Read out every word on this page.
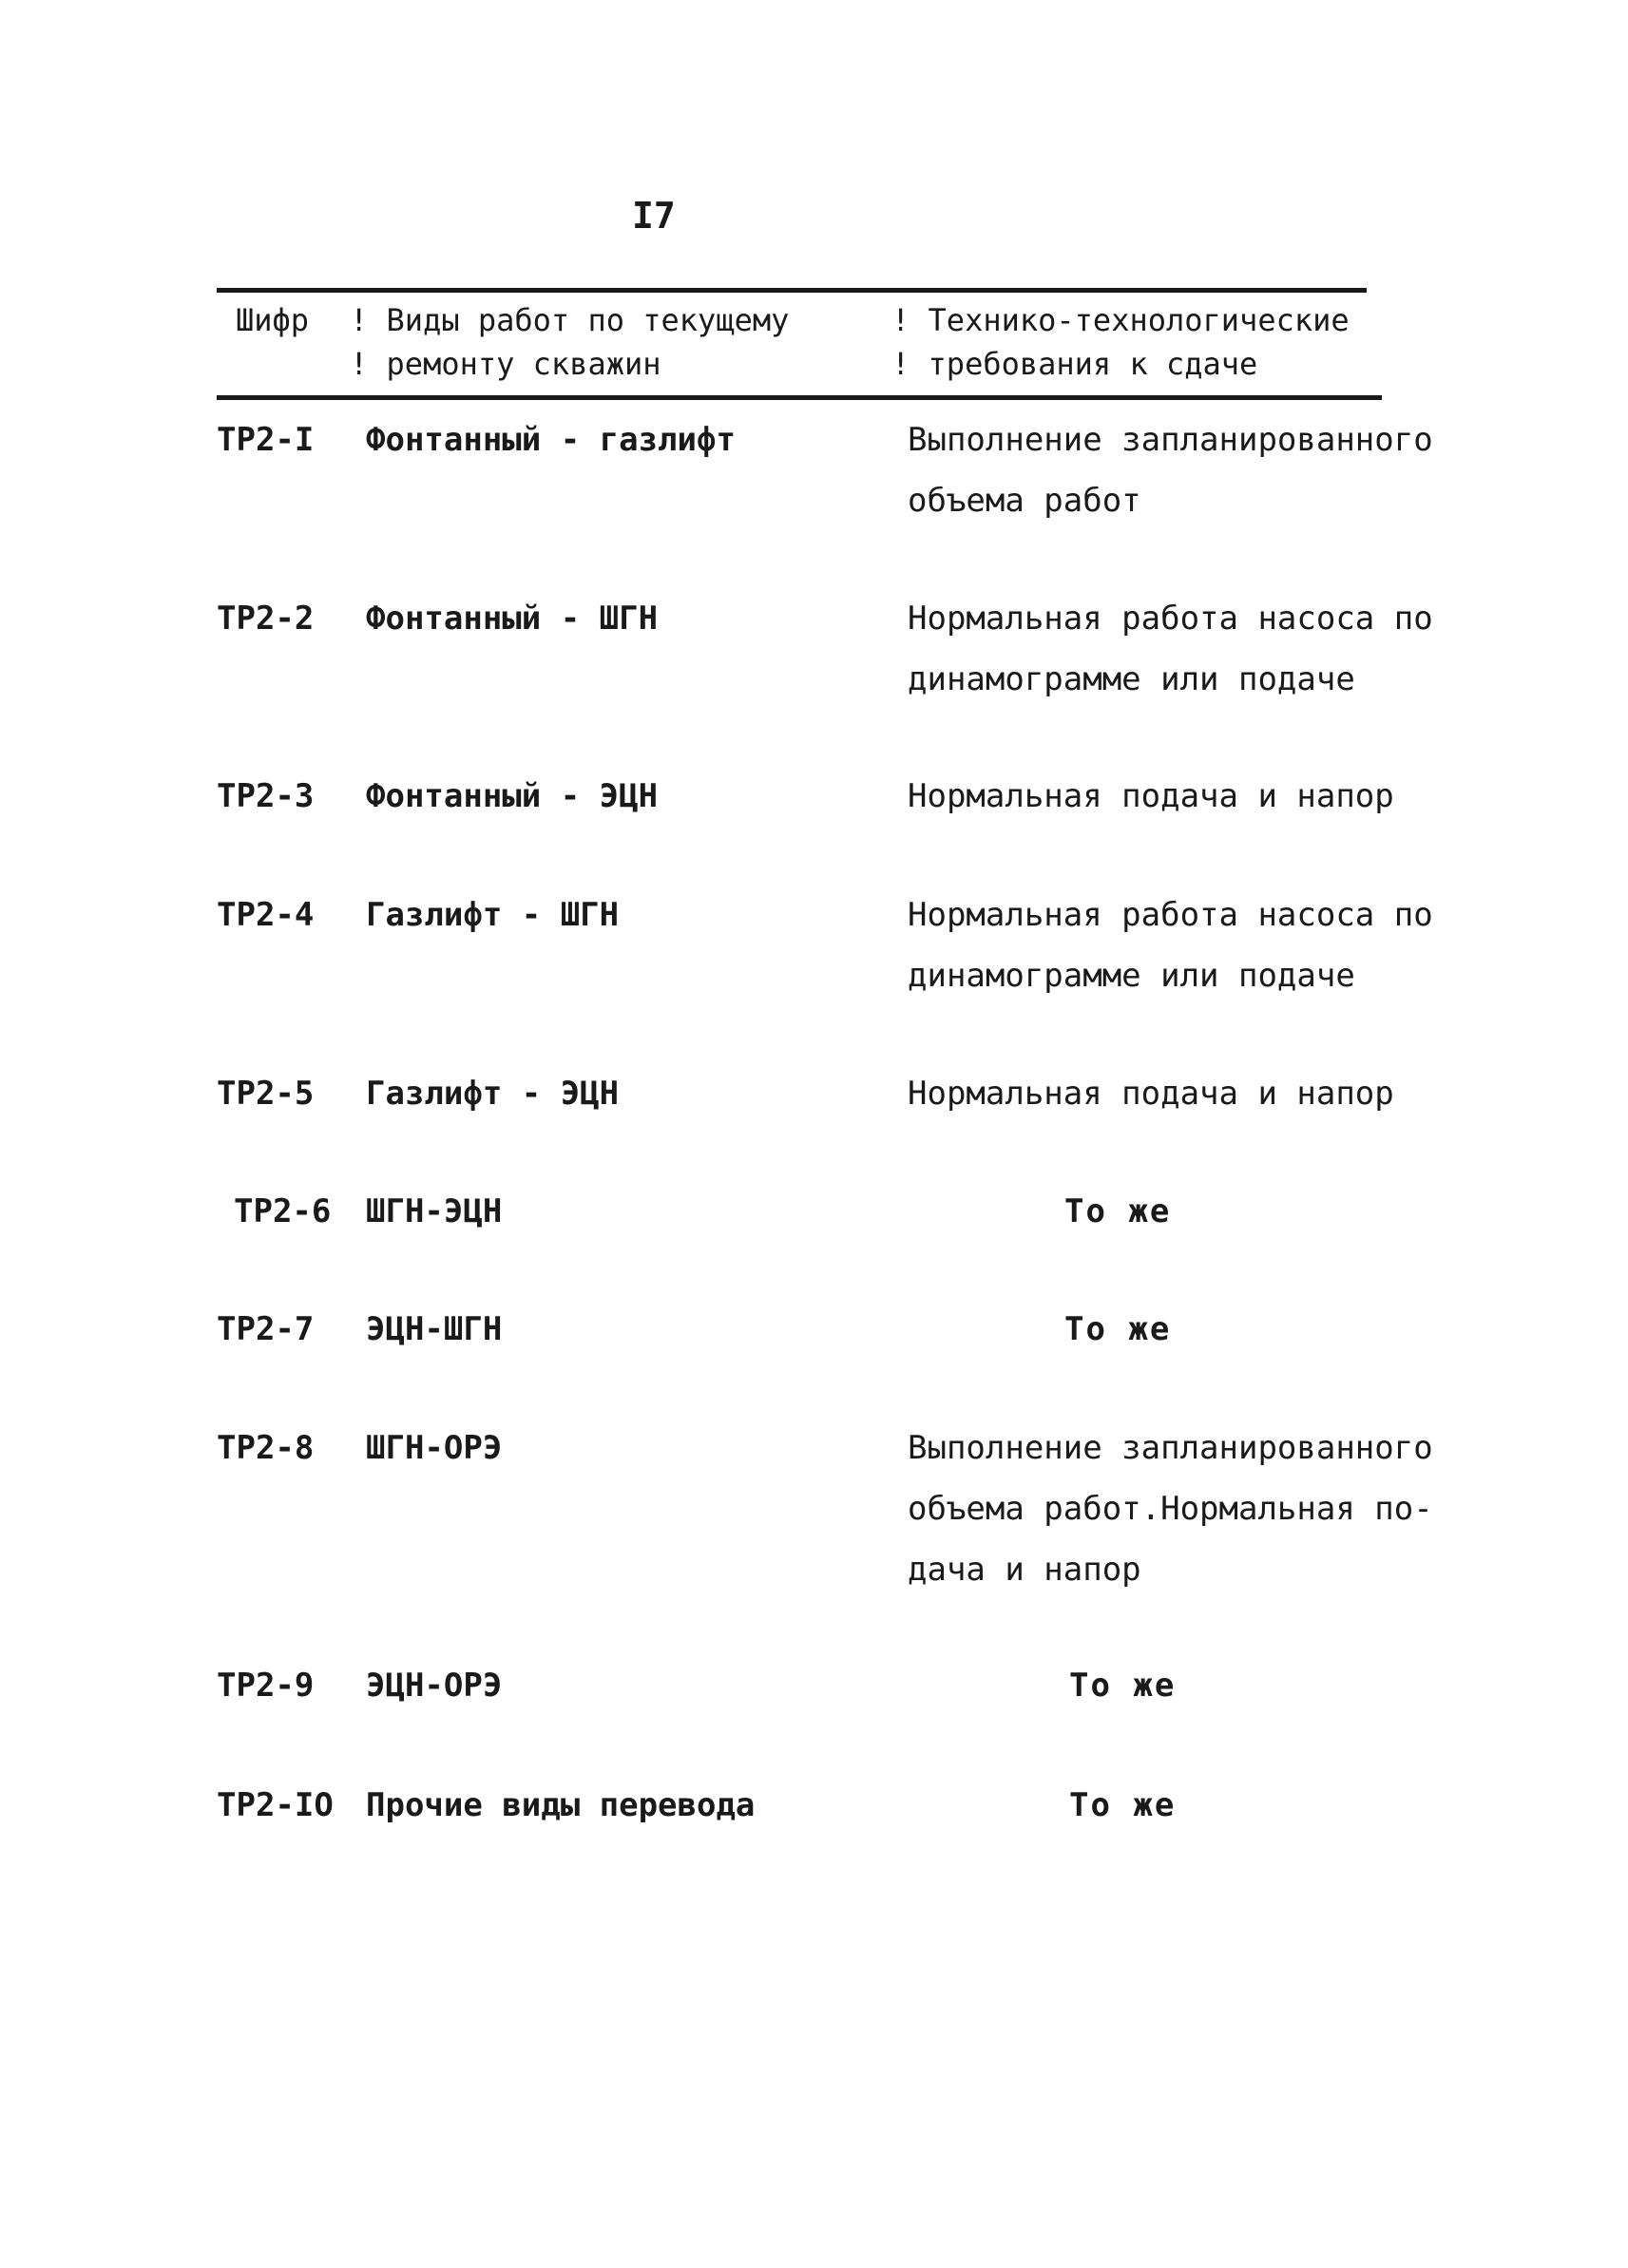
I7
Шифр ! Виды работ по текущему
! ремонту скважин
! Технико-технологические
! требования к сдаче
ТР2-I Фонтанный - газлифт	Выполнение запланированного
объема работ
ТР2-2 Фонтанный - ШГН	Нормальная работа насоса по
динамограмме или подаче
ТР2-3 Фонтанный - ЭЦН	Нормальная подача и напор
ТР2-4 Газлифт - ШГН	Нормальная работа насоса по
динамограмме или подаче
ТР2-5 Газлифт - ЭЦН	Нормальная подача и напор
ТР2-6 ШГН-ЭЦН	То же
ТР2-7 ЭЦН-ШГН	То же
ТР2-8 ШГН-ОРЭ	Выполнение запланированного
объема работ.Нормальная по-
дача и напор
ТР2-9 ЭЦН-ОРЭ	То же
ТР2-IO Прочие виды перевода	То же
